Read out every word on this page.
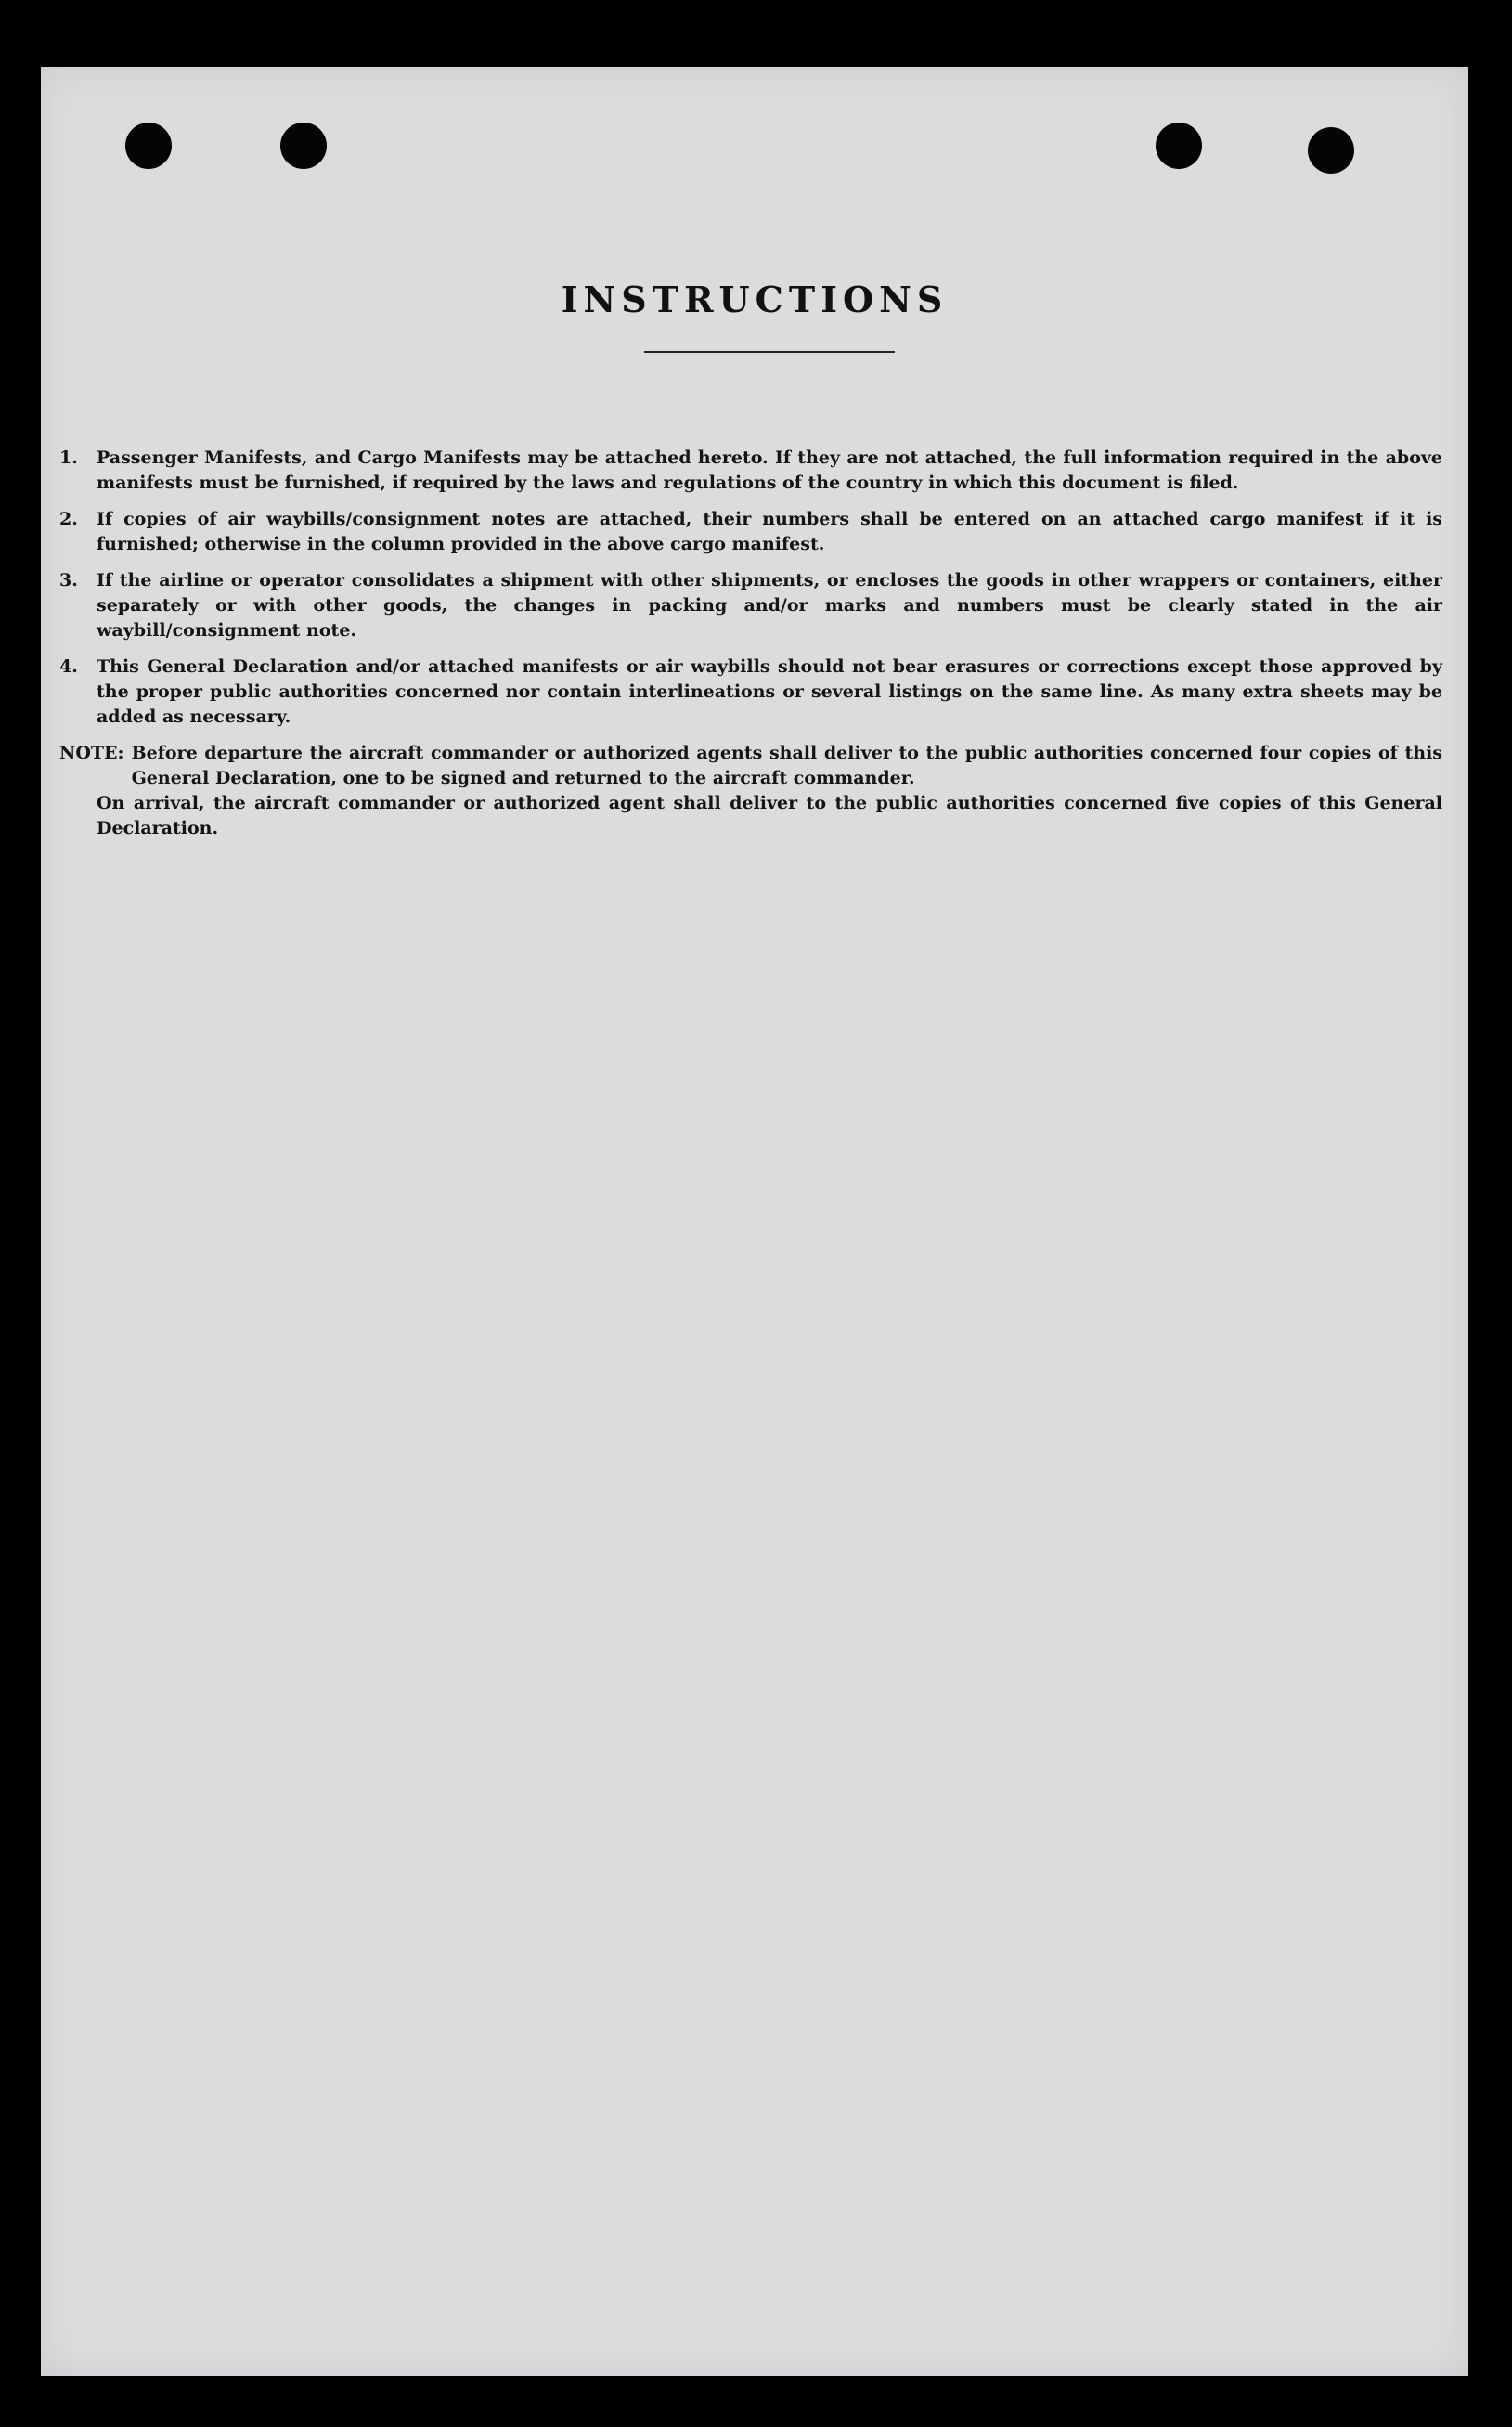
INSTRUCTIONS
1.	Passenger Manifests, and Cargo Manifests may be attached hereto. If they are not attached, the full information required in the above manifests must be furnished, if required by the laws and regulations of the country in which this document is filed.
2.	If copies of air waybills/consignment notes are attached, their numbers shall be entered on an attached cargo manifest if it is furnished; otherwise in the column provided in the above cargo manifest.
3.	If the airline or operator consolidates a shipment with other shipments, or encloses the goods in other wrappers or containers, either separately or with other goods, the changes in packing and/or marks and numbers must be clearly stated in the air waybill/consignment note.
4.	This General Declaration and/or attached manifests or air waybills should not bear erasures or corrections except those approved by the proper public authorities concerned nor contain interlineations or several listings on the same line. As many extra sheets may be added as necessary.
NOTE: Before departure the aircraft commander or authorized agents shall deliver to the public authorities concerned four copies of this General Declaration, one to be signed and returned to the aircraft commander.

On arrival, the aircraft commander or authorized agent shall deliver to the public authorities concerned five copies of this General Declaration.
